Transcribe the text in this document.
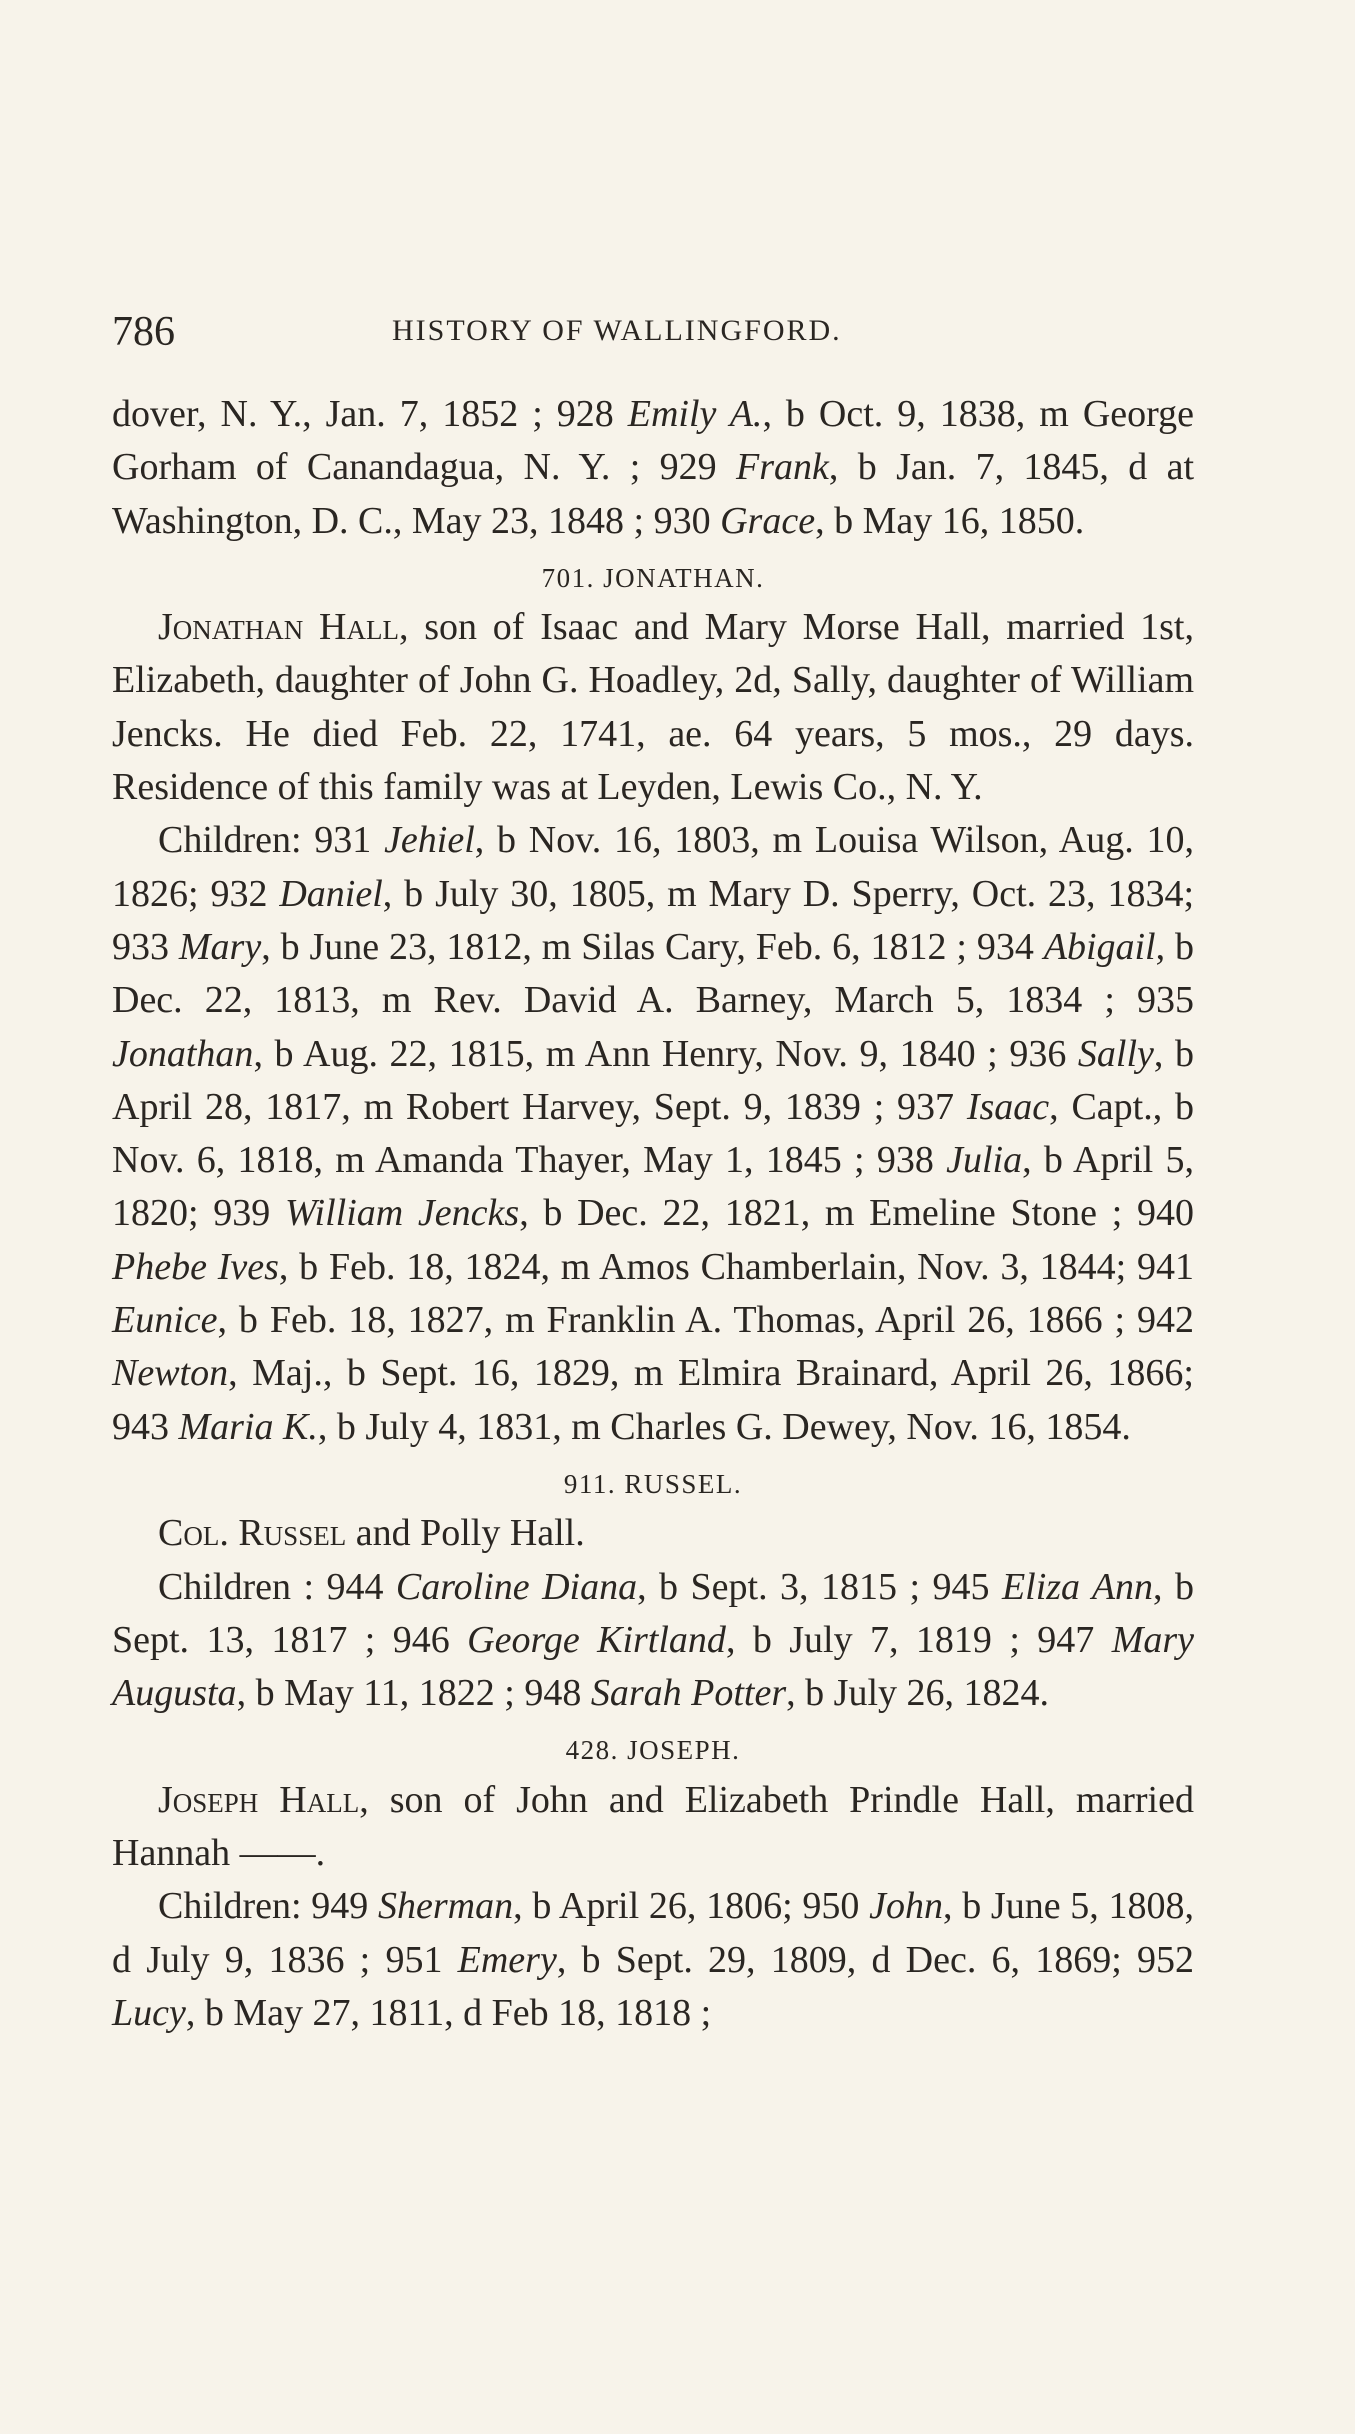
786	HISTORY OF WALLINGFORD.

dover, N. Y., Jan. 7, 1852 ; 928 Emily A., b Oct. 9, 1838, m George Gorham of Canandagua, N. Y. ; 929 Frank, b Jan. 7, 1845, d at Washington, D. C., May 23, 1848 ; 930 Grace, b May 16, 1850.

701. JONATHAN.

Jonathan Hall, son of Isaac and Mary Morse Hall, married 1st, Elizabeth, daughter of John G. Hoadley, 2d, Sally, daughter of William Jencks. He died Feb. 22, 1741, ae. 64 years, 5 mos., 29 days. Residence of this family was at Leyden, Lewis Co., N. Y.

Children: 931 Jehiel, b Nov. 16, 1803, m Louisa Wilson, Aug. 10, 1826; 932 Daniel, b July 30, 1805, m Mary D. Sperry, Oct. 23, 1834; 933 Mary, b June 23, 1812, m Silas Cary, Feb. 6, 1812 ; 934 Abigail, b Dec. 22, 1813, m Rev. David A. Barney, March 5, 1834 ; 935 Jonathan, b Aug. 22, 1815, m Ann Henry, Nov. 9, 1840 ; 936 Sally, b April 28, 1817, m Robert Harvey, Sept. 9, 1839 ; 937 Isaac, Capt., b Nov. 6, 1818, m Amanda Thayer, May 1, 1845 ; 938 Julia, b April 5, 1820; 939 William Jencks, b Dec. 22, 1821, m Emeline Stone ; 940 Phebe Ives, b Feb. 18, 1824, m Amos Chamberlain, Nov. 3, 1844; 941 Eunice, b Feb. 18, 1827, m Franklin A. Thomas, April 26, 1866 ; 942 Newton, Maj., b Sept. 16, 1829, m Elmira Brainard, April 26, 1866; 943 Maria K., b July 4, 1831, m Charles G. Dewey, Nov. 16, 1854.

911. RUSSEL.

Col. Russel and Polly Hall.

Children : 944 Caroline Diana, b Sept. 3, 1815 ; 945 Eliza Ann, b Sept. 13, 1817 ; 946 George Kirtland, b July 7, 1819 ; 947 Mary Augusta, b May 11, 1822 ; 948 Sarah Potter, b July 26, 1824.

428. JOSEPH.

Joseph Hall, son of John and Elizabeth Prindle Hall, married Hannah ——.

Children: 949 Sherman, b April 26, 1806; 950 John, b June 5, 1808, d July 9, 1836 ; 951 Emery, b Sept. 29, 1809, d Dec. 6, 1869; 952 Lucy, b May 27, 1811, d Feb 18, 1818 ;
